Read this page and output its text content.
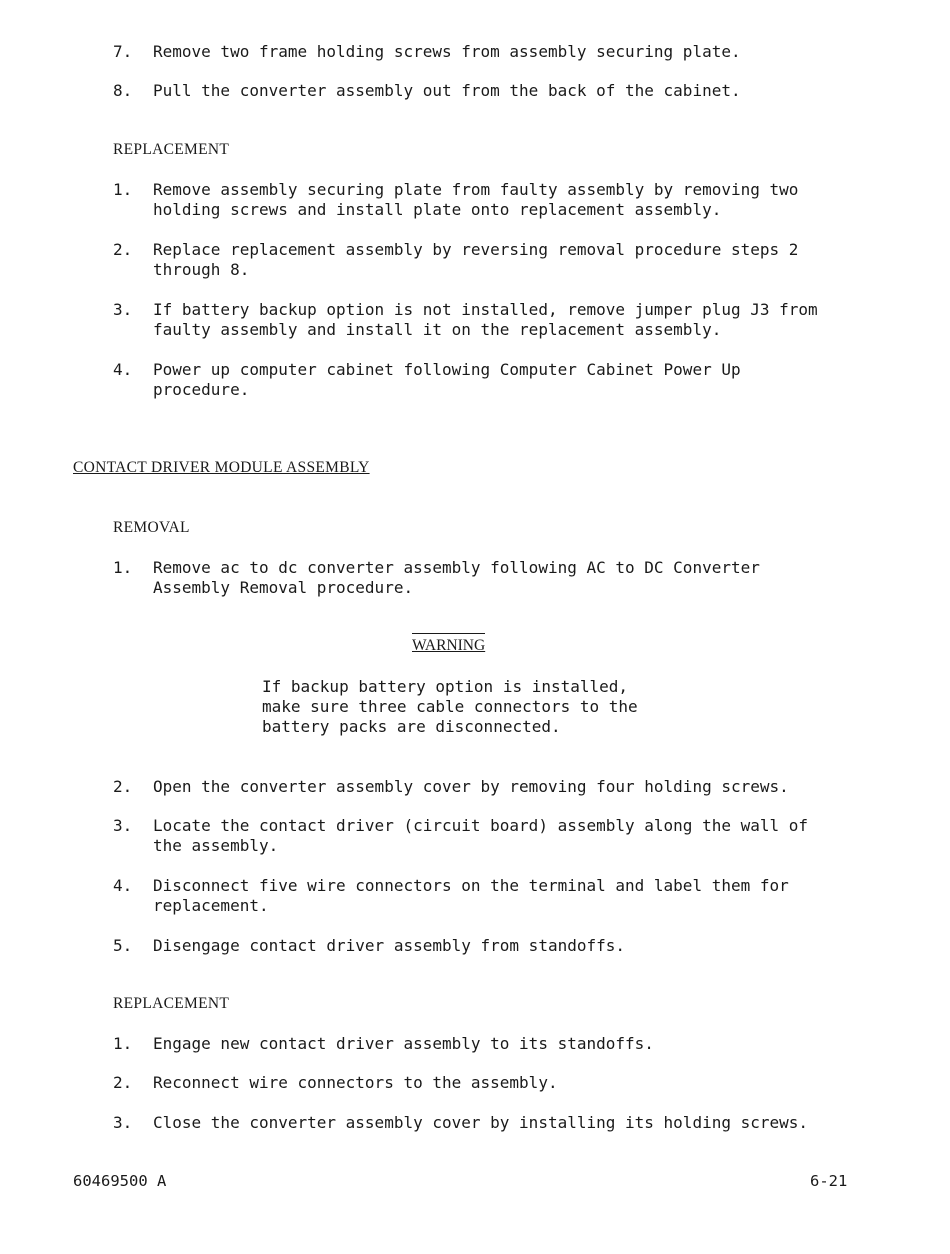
7. Remove two frame holding screws from assembly securing plate.
8. Pull the converter assembly out from the back of the cabinet.
REPLACEMENT
1. Remove assembly securing plate from faulty assembly by removing two
holding screws and install plate onto replacement assembly.
2. Replace replacement assembly by reversing removal procedure steps 2
through 8.
3. If battery backup option is not installed, remove jumper plug J3 from
faulty assembly and install it on the replacement assembly.
4. Power up computer cabinet following Computer Cabinet Power Up
procedure.
CONTACT DRIVER MODULE ASSEMBLY
REMOVAL
1. Remove ac to dc converter assembly following AC to DC Converter
Assembly Removal procedure.
WARNING
If backup battery option is installed,
make sure three cable connectors to the
battery packs are disconnected.
2. Open the converter assembly cover by removing four holding screws.
3. Locate the contact driver (circuit board) assembly along the wall of
the assembly.
4. Disconnect five wire connectors on the terminal and label them for
replacement.
5. Disengage contact driver assembly from standoffs.
REPLACEMENT
1. Engage new contact driver assembly to its standoffs.
2. Reconnect wire connectors to the assembly.
3. Close the converter assembly cover by installing its holding screws.
60469500 A	6-21
